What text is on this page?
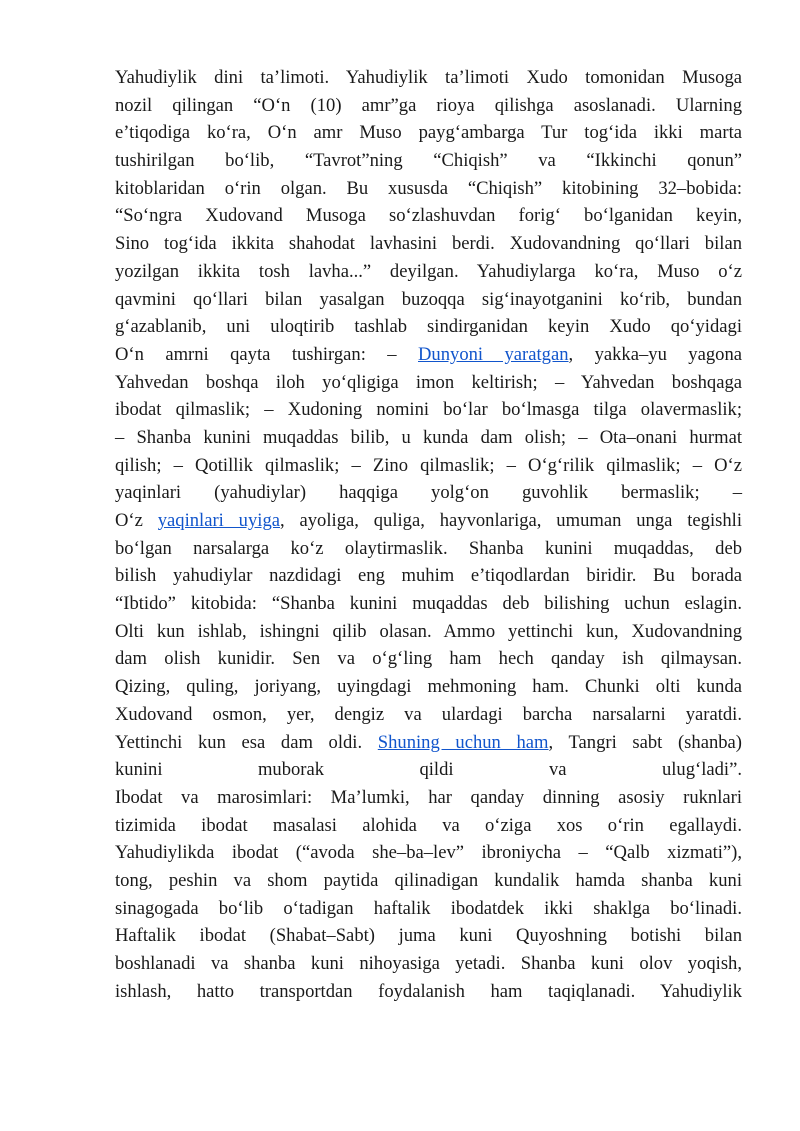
Yahudiylik dini ta’limoti. Yahudiylik ta’limoti Xudo tomonidan Musoga
nozil qilingan “O‘n (10) amr”ga rioya qilishga asoslanadi. Ularning
e’tiqodiga ko‘ra, O‘n amr Muso payg‘ambarga Tur tog‘ida ikki marta
tushirilgan bo‘lib, “Tavrot”ning “Chiqish” va “Ikkinchi qonun”
kitoblaridan o‘rin olgan. Bu xususda “Chiqish” kitobining 32–bobida:
“So‘ngra Xudovand Musoga so‘zlashuvdan forig‘ bo‘lganidan keyin,
Sino tog‘ida ikkita shahodat lavhasini berdi. Xudovandning qo‘llari bilan
yozilgan ikkita tosh lavha...” deyilgan. Yahudiylarga ko‘ra, Muso o‘z
qavmini qo‘llari bilan yasalgan buzoqqa sig‘inayotganini ko‘rib, bundan
g‘azablanib, uni uloqtirib tashlab sindirganidan keyin Xudo qo‘yidagi
O‘n amrni qayta tushirgan: – Dunyoni yaratgan, yakka–yu yagona
Yahvedan boshqa iloh yo‘qligiga imon keltirish; – Yahvedan boshqaga
ibodat qilmaslik; – Xudoning nomini bo‘lar bo‘lmasga tilga olavermaslik;
– Shanba kunini muqaddas bilib, u kunda dam olish; – Ota–onani hurmat
qilish; – Qotillik qilmaslik; – Zino qilmaslik; – O‘g‘rilik qilmaslik; – O‘z
yaqinlari (yahudiylar) haqqiga yolg‘on guvohlik bermaslik; –
O‘z yaqinlari uyiga, ayoliga, quliga, hayvonlariga, umuman unga tegishli
bo‘lgan narsalarga ko‘z olaytirmaslik. Shanba kunini muqaddas, deb
bilish yahudiylar nazdidagi eng muhim e’tiqodlardan biridir. Bu borada
“Ibtido” kitobida: “Shanba kunini muqaddas deb bilishing uchun eslagin.
Olti kun ishlab, ishingni qilib olasan. Ammo yettinchi kun, Xudovandning
dam olish kunidir. Sen va o‘g‘ling ham hech qanday ish qilmaysan.
Qizing, quling, joriyang, uyingdagi mehmoning ham. Chunki olti kunda
Xudovand osmon, yer, dengiz va ulardagi barcha narsalarni yaratdi.
Yettinchi kun esa dam oldi. Shuning uchun ham, Tangri sabt (shanba)
kunini muborak qildi va ulug‘ladi”.
Ibodat va marosimlari: Ma’lumki, har qanday dinning asosiy ruknlari
tizimida ibodat masalasi alohida va o‘ziga xos o‘rin egallaydi.
Yahudiylikda ibodat (“avoda she–ba–lev” ibroniycha – “Qalb xizmati”),
tong, peshin va shom paytida qilinadigan kundalik hamda shanba kuni
sinagogada bo‘lib o‘tadigan haftalik ibodatdek ikki shaklga bo‘linadi.
Haftalik ibodat (Shabat–Sabt) juma kuni Quyoshning botishi bilan
boshlanadi va shanba kuni nihoyasiga yetadi. Shanba kuni olov yoqish,
ishlash, hatto transportdan foydalanish ham taqiqlanadi. Yahudiylik
